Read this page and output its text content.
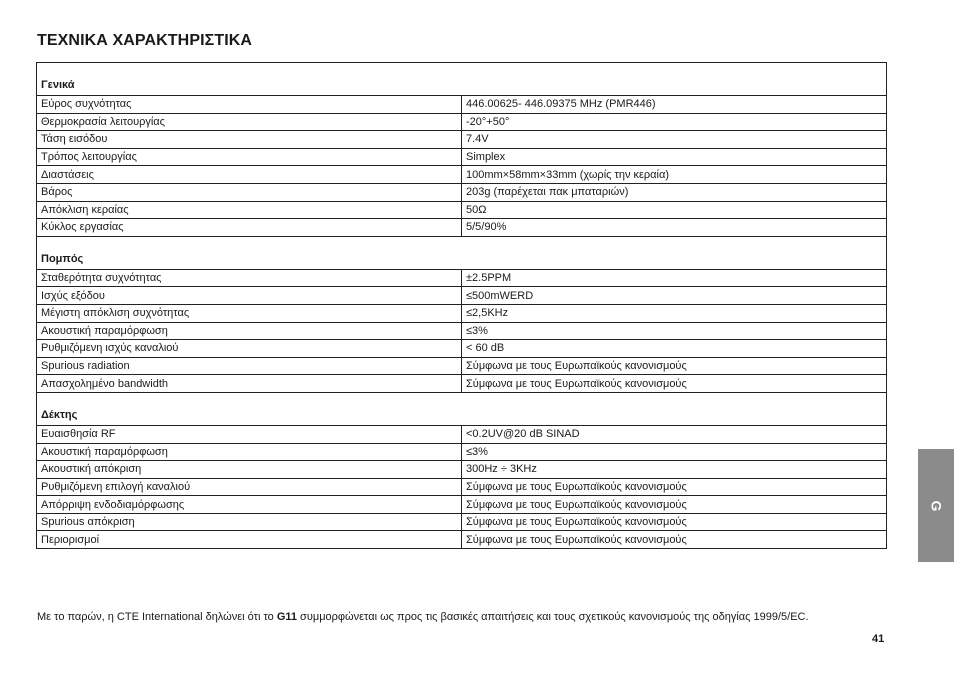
ΤΕΧΝΙΚΑ ΧΑΡΑΚΤΗΡΙΣΤΙΚΑ
Γενικά	
Εύρος συχνότητας	446.00625- 446.09375 MHz (PMR446)
Θερμοκρασία λειτουργίας	-20°+50°
Τάση εισόδου	7.4V
Τρόπος λειτουργίας	Simplex
Διαστάσεις	100mm×58mm×33mm (χωρίς την κεραία)
Βάρος	203g (παρέχεται πακ μπαταριών)
Απόκλιση κεραίας	50Ω
Κύκλος εργασίας	5/5/90%
Πομπός	
Σταθερότητα συχνότητας	±2.5PPM
Ισχύς εξόδου	≤500mWERD
Μέγιστη απόκλιση συχνότητας	≤2,5KHz
Ακουστική παραμόρφωση	≤3%
Ρυθμιζόμενη ισχύς καναλιού	< 60 dB
Spurious radiation	Σύμφωνα με τους Ευρωπαϊκούς κανονισμούς
Απασχολημένο bandwidth	Σύμφωνα με τους Ευρωπαϊκούς κανονισμούς
Δέκτης	
Ευαισθησία RF	<0.2UV@20 dB SINAD
Ακουστική παραμόρφωση	≤3%
Ακουστική απόκριση	300Hz ÷ 3KHz
Ρυθμιζόμενη επιλογή καναλιού	Σύμφωνα με τους Ευρωπαϊκούς κανονισμούς
Απόρριψη ενδοδιαμόρφωσης	Σύμφωνα με τους Ευρωπαϊκούς κανονισμούς
Spurious απόκριση	Σύμφωνα με τους Ευρωπαϊκούς κανονισμούς
Περιορισμοί	Σύμφωνα με τους Ευρωπαϊκούς κανονισμούς
G
Με το παρών, η CTE International δηλώνει ότι το G11 συμμορφώνεται ως προς τις βασικές απαιτήσεις και τους σχετικούς κανονισμούς της οδηγίας 1999/5/EC.
41
